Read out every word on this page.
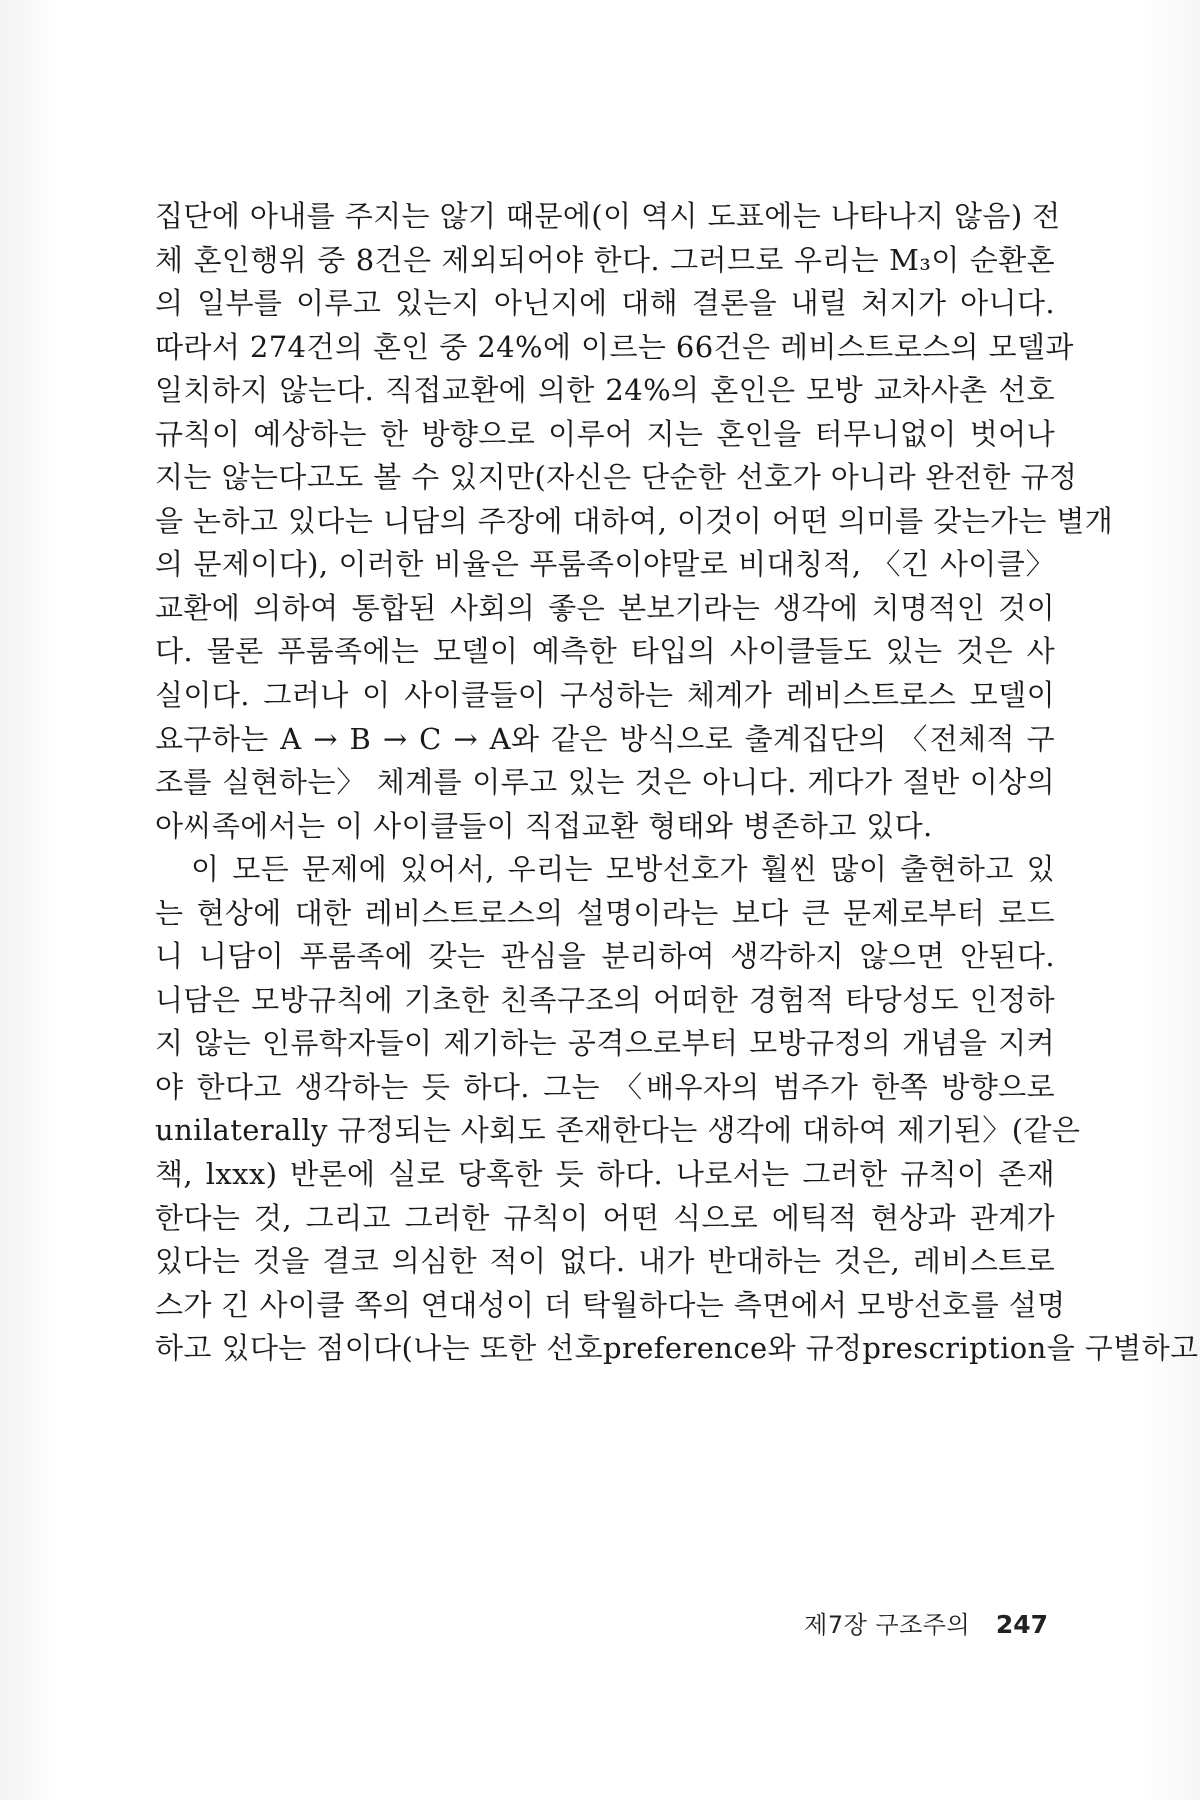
집단에 아내를 주지는 않기 때문에(이 역시 도표에는 나타나지 않음) 전
체 혼인행위 중 8건은 제외되어야 한다. 그러므로 우리는 M₃이 순환혼
의 일부를 이루고 있는지 아닌지에 대해 결론을 내릴 처지가 아니다.
따라서 274건의 혼인 중 24%에 이르는 66건은 레비스트로스의 모델과
일치하지 않는다. 직접교환에 의한 24%의 혼인은 모방 교차사촌 선호
규칙이 예상하는 한 방향으로 이루어 지는 혼인을 터무니없이 벗어나
지는 않는다고도 볼 수 있지만(자신은 단순한 선호가 아니라 완전한 규정
을 논하고 있다는 니담의 주장에 대하여, 이것이 어떤 의미를 갖는가는 별개
의 문제이다), 이러한 비율은 푸룸족이야말로 비대칭적, 〈긴 사이클〉
교환에 의하여 통합된 사회의 좋은 본보기라는 생각에 치명적인 것이
다. 물론 푸룸족에는 모델이 예측한 타입의 사이클들도 있는 것은 사
실이다. 그러나 이 사이클들이 구성하는 체계가 레비스트로스 모델이
요구하는 A → B → C → A와 같은 방식으로 출계집단의 〈전체적 구
조를 실현하는〉 체계를 이루고 있는 것은 아니다. 게다가 절반 이상의
아씨족에서는 이 사이클들이 직접교환 형태와 병존하고 있다.
이 모든 문제에 있어서, 우리는 모방선호가 훨씬 많이 출현하고 있
는 현상에 대한 레비스트로스의 설명이라는 보다 큰 문제로부터 로드
니 니담이 푸룸족에 갖는 관심을 분리하여 생각하지 않으면 안된다.
니담은 모방규칙에 기초한 친족구조의 어떠한 경험적 타당성도 인정하
지 않는 인류학자들이 제기하는 공격으로부터 모방규정의 개념을 지켜
야 한다고 생각하는 듯 하다. 그는 〈배우자의 범주가 한쪽 방향으로
unilaterally 규정되는 사회도 존재한다는 생각에 대하여 제기된〉(같은
책, lxxx) 반론에 실로 당혹한 듯 하다. 나로서는 그러한 규칙이 존재
한다는 것, 그리고 그러한 규칙이 어떤 식으로 에틱적 현상과 관계가
있다는 것을 결코 의심한 적이 없다. 내가 반대하는 것은, 레비스트로
스가 긴 사이클 쪽의 연대성이 더 탁월하다는 측면에서 모방선호를 설명
하고 있다는 점이다(나는 또한 선호preference와 규정prescription을 구별하고
제7장 구조주의 247
